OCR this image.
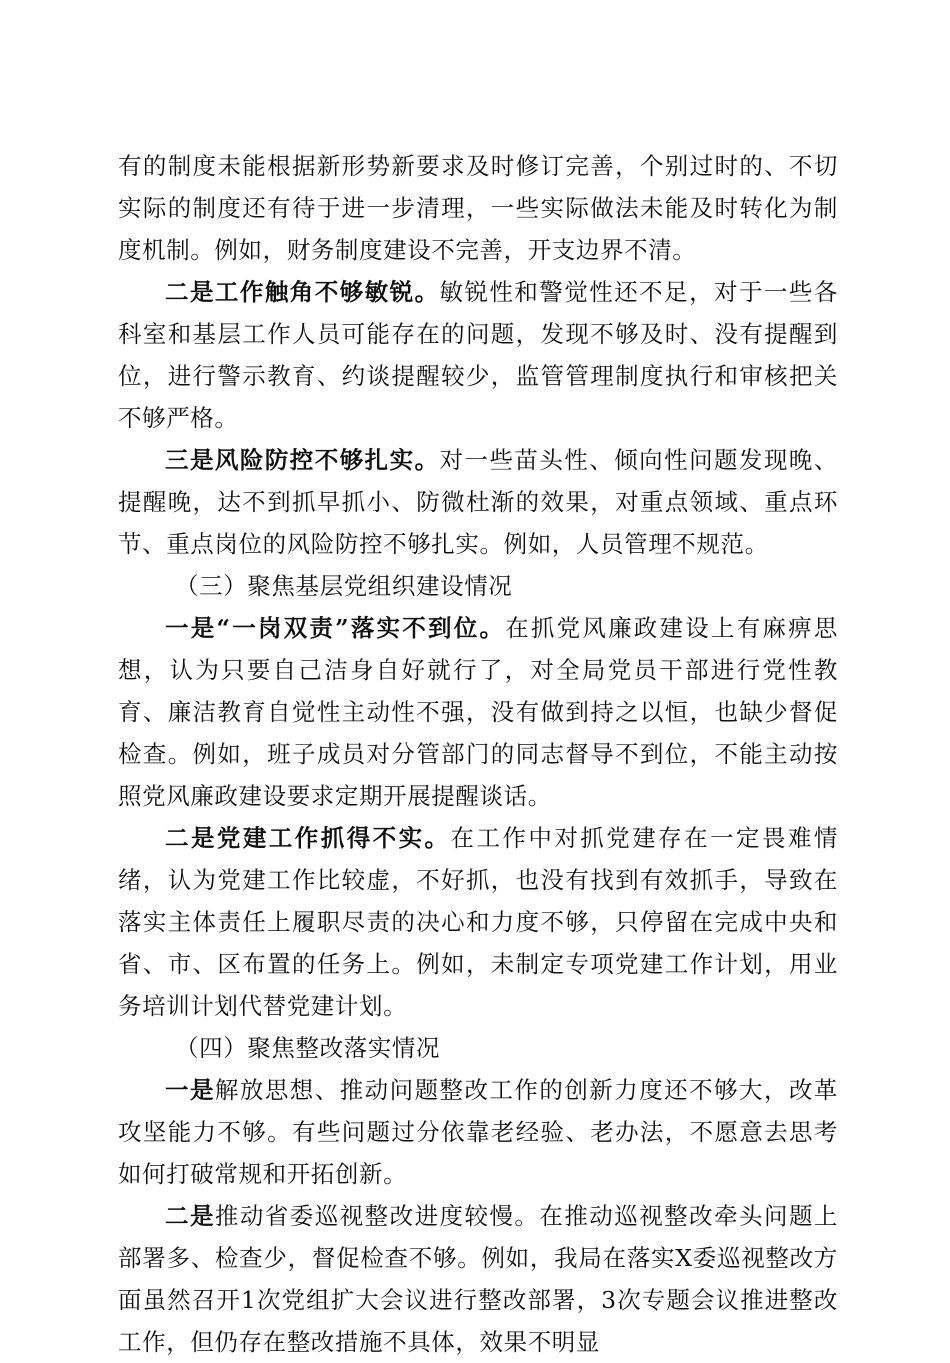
有的制度未能根据新形势新要求及时修订完善，个别过时的、不切实际的制度还有待于进一步清理，一些实际做法未能及时转化为制度机制。例如，财务制度建设不完善，开支边界不清。

二是工作触角不够敏锐。敏锐性和警觉性还不足，对于一些各科室和基层工作人员可能存在的问题，发现不够及时、没有提醒到位，进行警示教育、约谈提醒较少，监管管理制度执行和审核把关不够严格。

三是风险防控不够扎实。对一些苗头性、倾向性问题发现晚、提醒晚，达不到抓早抓小、防微杜渐的效果，对重点领域、重点环节、重点岗位的风险防控不够扎实。例如，人员管理不规范。

（三）聚焦基层党组织建设情况

一是“一岗双责”落实不到位。在抓党风廉政建设上有麻痹思想，认为只要自己洁身自好就行了，对全局党员干部进行党性教育、廉洁教育自觉性主动性不强，没有做到持之以恒，也缺少督促检查。例如，班子成员对分管部门的同志督导不到位，不能主动按照党风廉政建设要求定期开展提醒谈话。

二是党建工作抓得不实。在工作中对抓党建存在一定畏难情绪，认为党建工作比较虚，不好抓，也没有找到有效抓手，导致在落实主体责任上履职尽责的决心和力度不够，只停留在完成中央和省、市、区布置的任务上。例如，未制定专项党建工作计划，用业务培训计划代替党建计划。

（四）聚焦整改落实情况

一是解放思想、推动问题整改工作的创新力度还不够大，改革攻坚能力不够。有些问题过分依靠老经验、老办法，不愿意去思考如何打破常规和开拓创新。

二是推动省委巡视整改进度较慢。在推动巡视整改牵头问题上部署多、检查少，督促检查不够。例如，我局在落实X委巡视整改方面虽然召开1次党组扩大会议进行整改部署，3次专题会议推进整改工作，但仍存在整改措施不具体，效果不明显
